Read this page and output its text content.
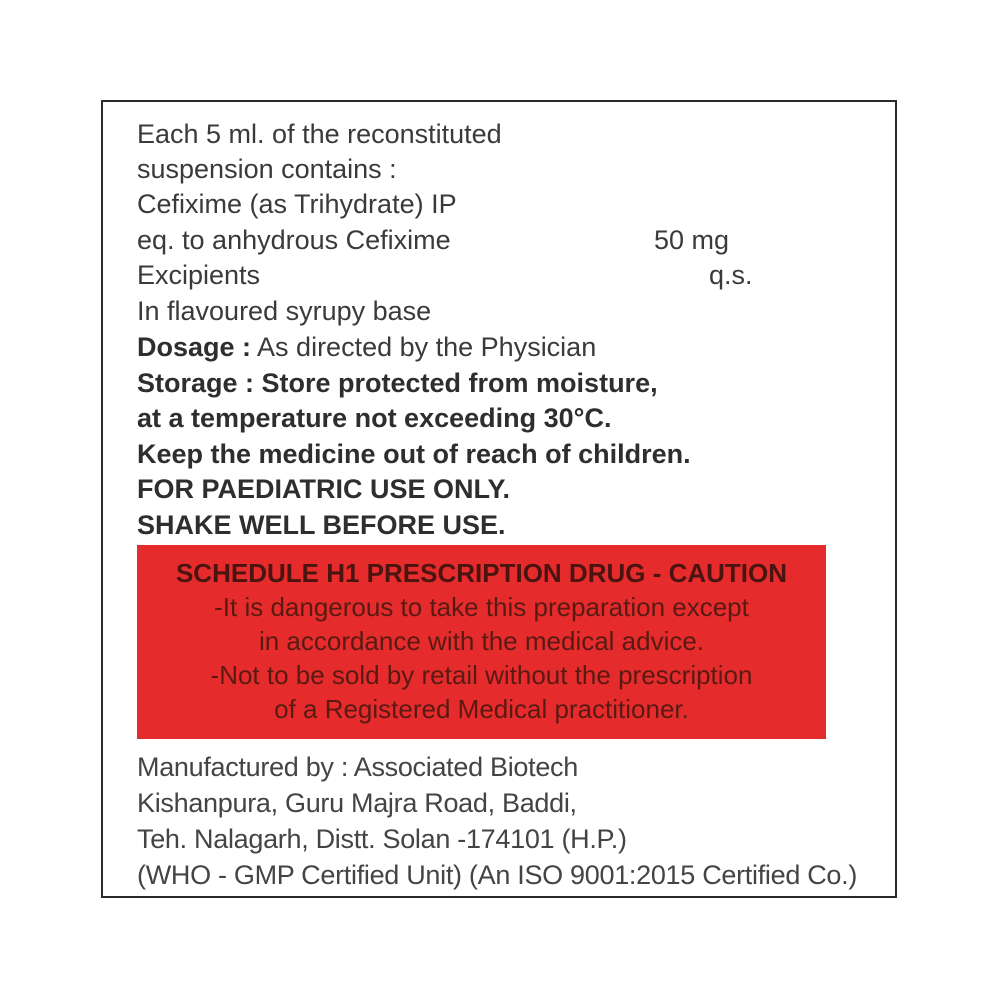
Each 5 ml. of the reconstituted
suspension contains :
Cefixime (as Trihydrate) IP
eq. to anhydrous Cefixime	50 mg
Excipients	q.s.
In flavoured syrupy base
Dosage : As directed by the Physician
Storage : Store protected from moisture,
at a temperature not exceeding 30°C.
Keep the medicine out of reach of children.
FOR PAEDIATRIC USE ONLY.
SHAKE WELL BEFORE USE.
SCHEDULE H1 PRESCRIPTION DRUG - CAUTION
-It is dangerous to take this preparation except
in accordance with the medical advice.
-Not to be sold by retail without the prescription
of a Registered Medical practitioner.
Manufactured by : Associated Biotech
Kishanpura, Guru Majra Road, Baddi,
Teh. Nalagarh, Distt. Solan -174101 (H.P.)
(WHO - GMP Certified Unit) (An ISO 9001:2015 Certified Co.)
